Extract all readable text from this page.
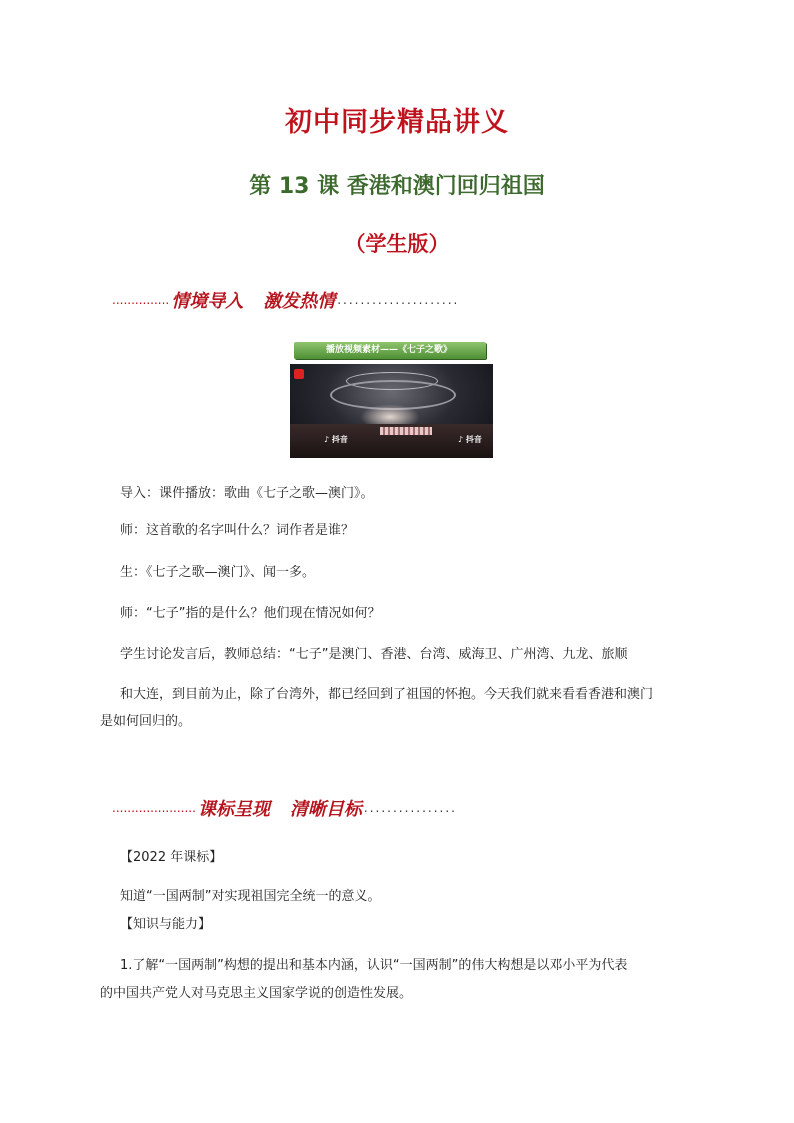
初中同步精品讲义
第 13 课 香港和澳门回归祖国
（学生版）
............... 情境导入 激发热情 .....................
播放视频素材——《七子之歌》
♪ 抖音	♪ 抖音
导入：课件播放：歌曲《七子之歌—澳门》。
师：这首歌的名字叫什么？词作者是谁？
生：《七子之歌—澳门》、闻一多。
师：“七子”指的是什么？他们现在情况如何？
学生讨论发言后，教师总结：“七子”是澳门、香港、台湾、威海卫、广州湾、九龙、旅顺
和大连，到目前为止，除了台湾外，都已经回到了祖国的怀抱。今天我们就来看看香港和澳门
是如何回归的。
...................... 课标呈现 清晰目标 ................
【2022 年课标】
知道“一国两制”对实现祖国完全统一的意义。
【知识与能力】
1.了解“一国两制”构想的提出和基本内涵，认识“一国两制”的伟大构想是以邓小平为代表
的中国共产党人对马克思主义国家学说的创造性发展。
